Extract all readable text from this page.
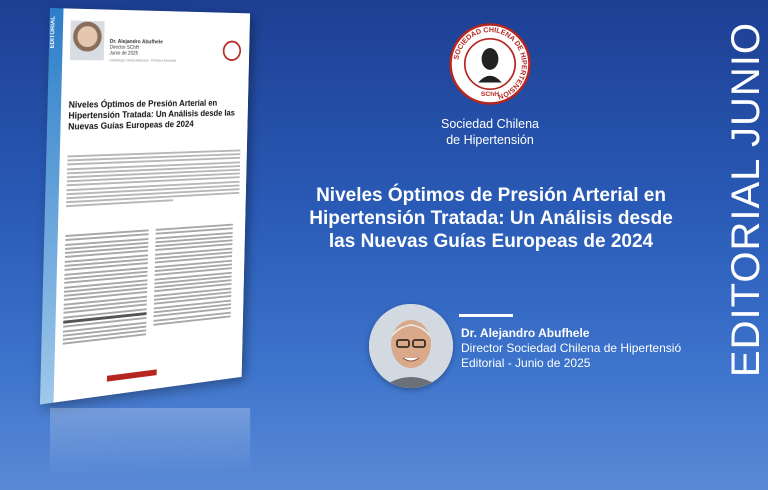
EDITORIAL JUNIO
EDITORIAL	Dr. Alejandro Abufhele
Director SChH
Junio de 2025
Cardiólogo Clínica Alemana · Profesor Asociado
Niveles Óptimos de Presión Arterial en Hipertensión Tratada: Un Análisis desde las Nuevas Guías Europeas de 2024
SOCIEDAD CHILENA DE HIPERTENSIÓN
SChH
Sociedad Chilena
de Hipertensión
Niveles Óptimos de Presión Arterial en Hipertensión Tratada: Un Análisis desde las Nuevas Guías Europeas de 2024
Dr. Alejandro Abufhele
Director Sociedad Chilena de Hipertensió
Editorial - Junio de 2025
